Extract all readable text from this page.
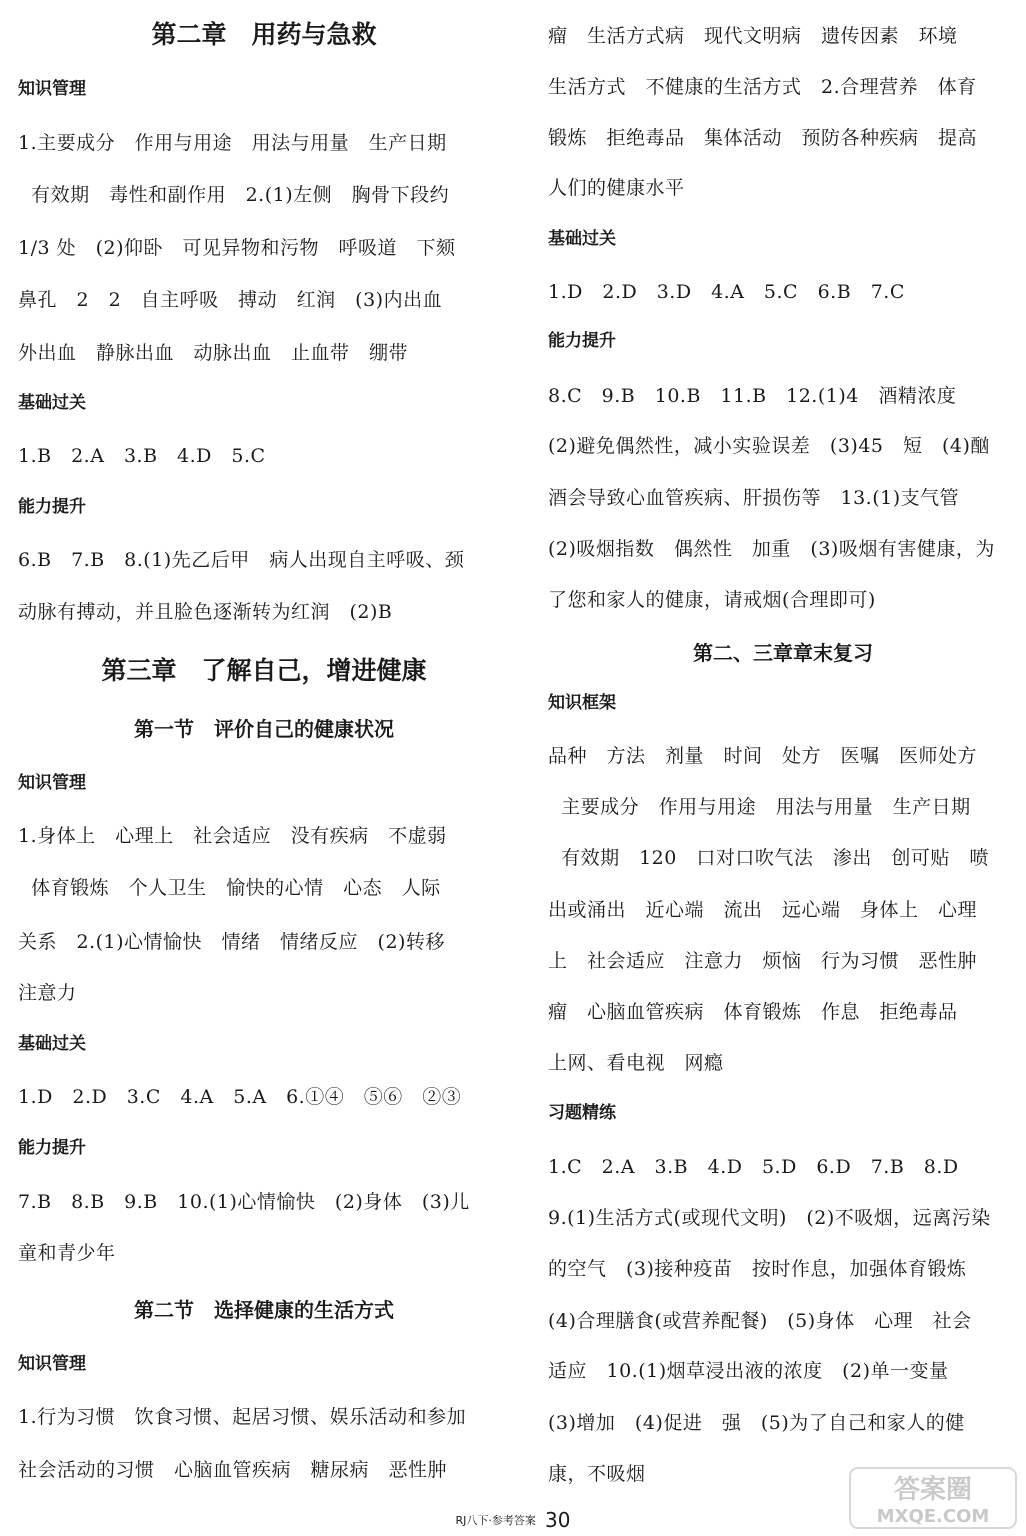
第二章　用药与急救
知识管理
1.主要成分　作用与用途　用法与用量　生产日期
有效期　毒性和副作用　2.(1)左侧　胸骨下段约
1/3 处　(2)仰卧　可见异物和污物　呼吸道　下颏
鼻孔　2　2　自主呼吸　搏动　红润　(3)内出血
外出血　静脉出血　动脉出血　止血带　绷带
基础过关
1.B　2.A　3.B　4.D　5.C
能力提升
6.B　7.B　8.(1)先乙后甲　病人出现自主呼吸、颈
动脉有搏动，并且脸色逐渐转为红润　(2)B
第三章　了解自己，增进健康
第一节　评价自己的健康状况
知识管理
1.身体上　心理上　社会适应　没有疾病　不虚弱
体育锻炼　个人卫生　愉快的心情　心态　人际
关系　2.(1)心情愉快　情绪　情绪反应　(2)转移
注意力
基础过关
1.D　2.D　3.C　4.A　5.A　6.①④　⑤⑥　②③
能力提升
7.B　8.B　9.B　10.(1)心情愉快　(2)身体　(3)儿
童和青少年
第二节　选择健康的生活方式
知识管理
1.行为习惯　饮食习惯、起居习惯、娱乐活动和参加
社会活动的习惯　心脑血管疾病　糖尿病　恶性肿
瘤　生活方式病　现代文明病　遗传因素　环境
生活方式　不健康的生活方式　2.合理营养　体育
锻炼　拒绝毒品　集体活动　预防各种疾病　提高
人们的健康水平
基础过关
1.D　2.D　3.D　4.A　5.C　6.B　7.C
能力提升
8.C　9.B　10.B　11.B　12.(1)4　酒精浓度
(2)避免偶然性，减小实验误差　(3)45　短　(4)酗
酒会导致心血管疾病、肝损伤等　13.(1)支气管
(2)吸烟指数　偶然性　加重　(3)吸烟有害健康，为
了您和家人的健康，请戒烟(合理即可)
第二、三章章末复习
知识框架
品种　方法　剂量　时间　处方　医嘱　医师处方
主要成分　作用与用途　用法与用量　生产日期
有效期　120　口对口吹气法　渗出　创可贴　喷
出或涌出　近心端　流出　远心端　身体上　心理
上　社会适应　注意力　烦恼　行为习惯　恶性肿
瘤　心脑血管疾病　体育锻炼　作息　拒绝毒品
上网、看电视　网瘾
习题精练
1.C　2.A　3.B　4.D　5.D　6.D　7.B　8.D
9.(1)生活方式(或现代文明)　(2)不吸烟，远离污染
的空气　(3)接种疫苗　按时作息，加强体育锻炼
(4)合理膳食(或营养配餐)　(5)身体　心理　社会
适应　10.(1)烟草浸出液的浓度　(2)单一变量
(3)增加　(4)促进　强　(5)为了自己和家人的健
康，不吸烟
RJ八下·参考答案 30
答案圈
MXQE.COM
